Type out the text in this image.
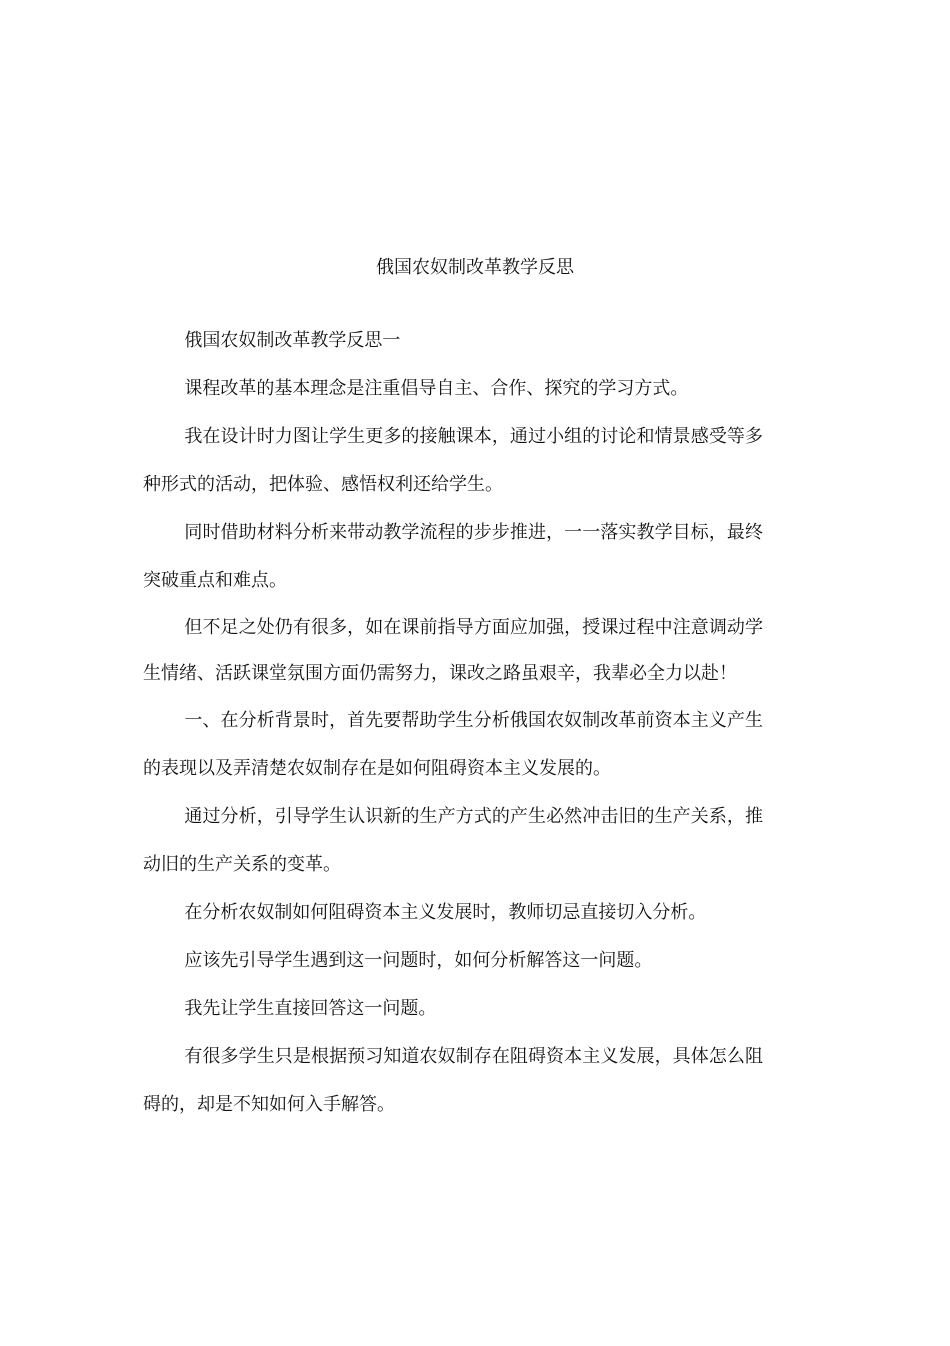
俄国农奴制改革教学反思

俄国农奴制改革教学反思一

课程改革的基本理念是注重倡导自主、合作、探究的学习方式。

我在设计时力图让学生更多的接触课本，通过小组的讨论和情景感受等多种形式的活动，把体验、感悟权利还给学生。

同时借助材料分析来带动教学流程的步步推进，一一落实教学目标，最终突破重点和难点。

但不足之处仍有很多，如在课前指导方面应加强，授课过程中注意调动学生情绪、活跃课堂氛围方面仍需努力，课改之路虽艰辛，我辈必全力以赴！

一、在分析背景时，首先要帮助学生分析俄国农奴制改革前资本主义产生的表现以及弄清楚农奴制存在是如何阻碍资本主义发展的。

通过分析，引导学生认识新的生产方式的产生必然冲击旧的生产关系，推动旧的生产关系的变革。

在分析农奴制如何阻碍资本主义发展时，教师切忌直接切入分析。

应该先引导学生遇到这一问题时，如何分析解答这一问题。

我先让学生直接回答这一问题。

有很多学生只是根据预习知道农奴制存在阻碍资本主义发展，具体怎么阻碍的，却是不知如何入手解答。
